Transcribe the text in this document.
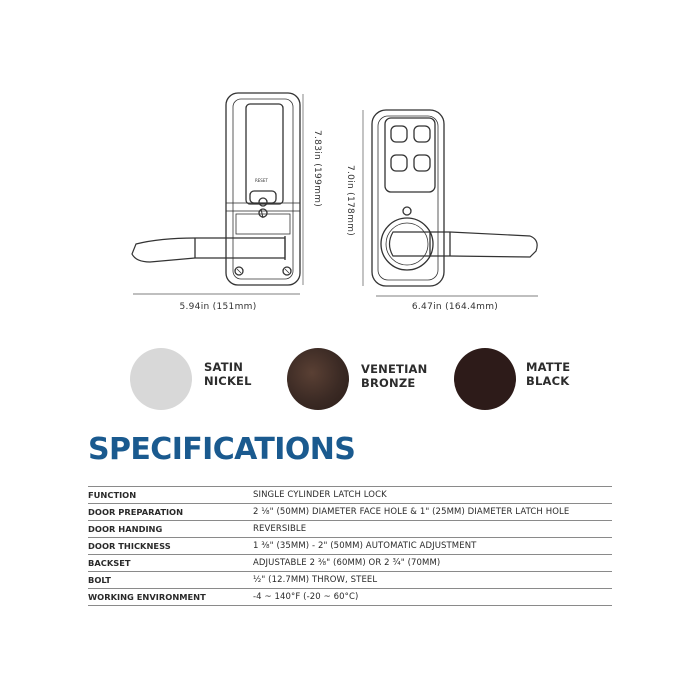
RESET	7.83in (199mm)
5.94in (151mm)
7.0in (178mm)
6.47in (164.4mm)
SATIN
NICKEL
VENETIAN
BRONZE
MATTE
BLACK
SPECIFICATIONS
FUNCTION	SINGLE CYLINDER LATCH LOCK
DOOR PREPARATION	2 ⅛" (50MM) DIAMETER FACE HOLE & 1" (25MM) DIAMETER LATCH HOLE
DOOR HANDING	REVERSIBLE
DOOR THICKNESS	1 ⅜" (35MM) - 2" (50MM) AUTOMATIC ADJUSTMENT
BACKSET	ADJUSTABLE 2 ⅜" (60MM) OR 2 ¾" (70MM)
BOLT	½" (12.7MM) THROW, STEEL
WORKING ENVIRONMENT	-4 ~ 140°F (-20 ~ 60°C)
